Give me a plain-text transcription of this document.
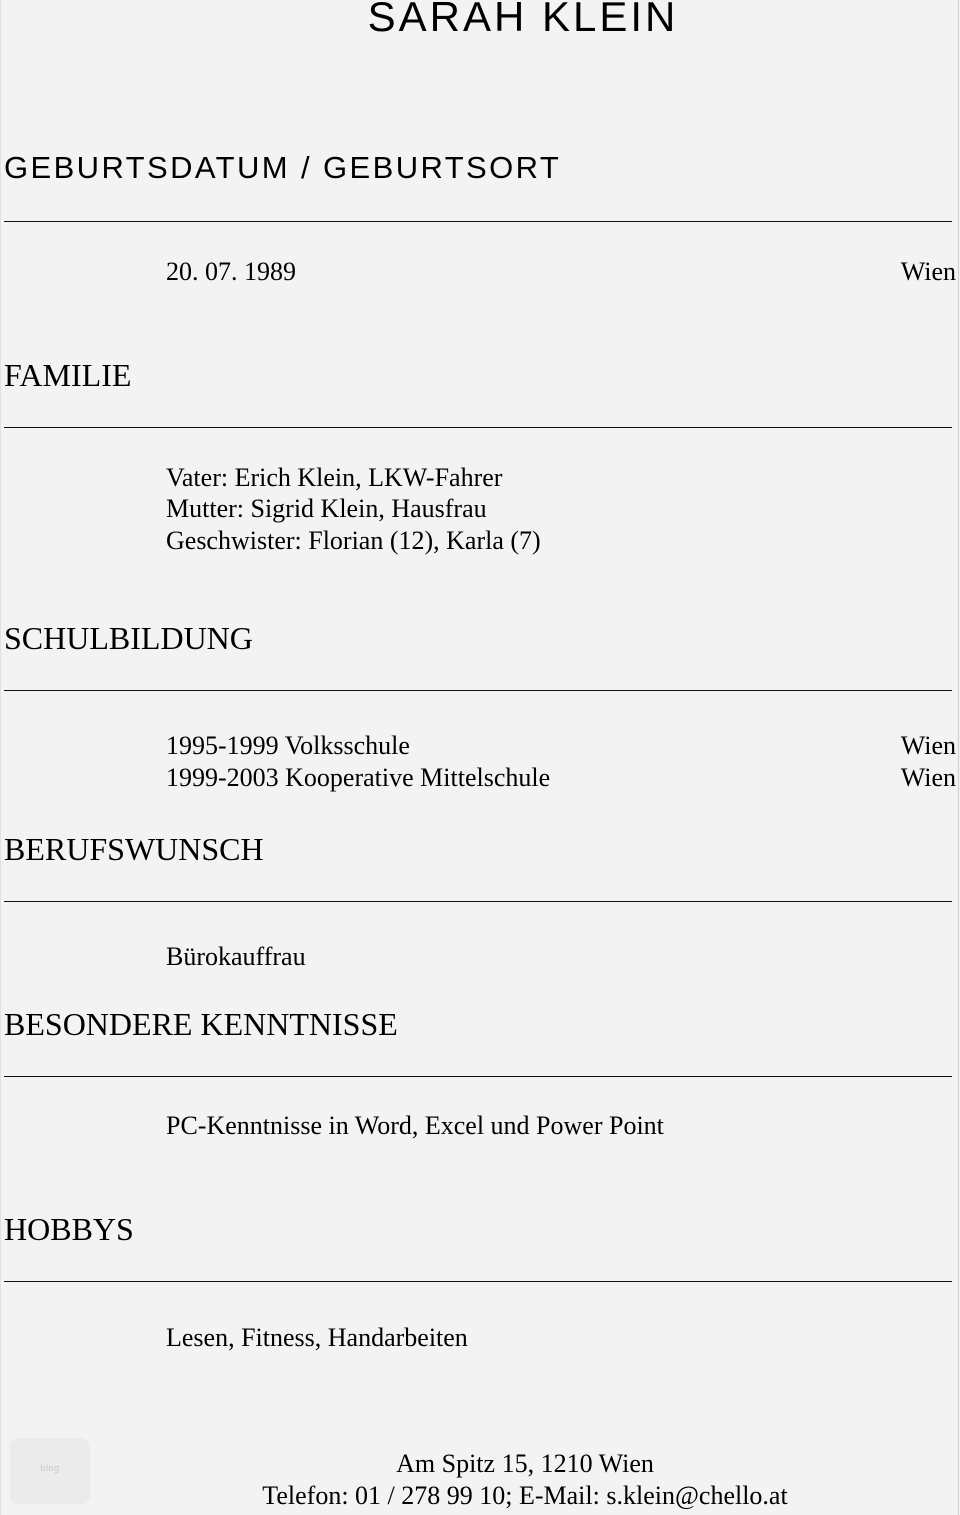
SARAH KLEIN
GEBURTSDATUM / GEBURTSORT
20. 07. 1989	Wien
FAMILIE
Vater: Erich Klein, LKW-Fahrer
Mutter: Sigrid Klein, Hausfrau
Geschwister: Florian (12), Karla (7)
SCHULBILDUNG
1995-1999 Volksschule	Wien
1999-2003 Kooperative Mittelschule	Wien
BERUFSWUNSCH
Bürokauffrau
BESONDERE KENNTNISSE
PC-Kenntnisse in Word, Excel und Power Point
HOBBYS
Lesen, Fitness, Handarbeiten
Am Spitz 15, 1210 Wien
Telefon: 01 / 278 99 10; E-Mail: s.klein@chello.at
blog
